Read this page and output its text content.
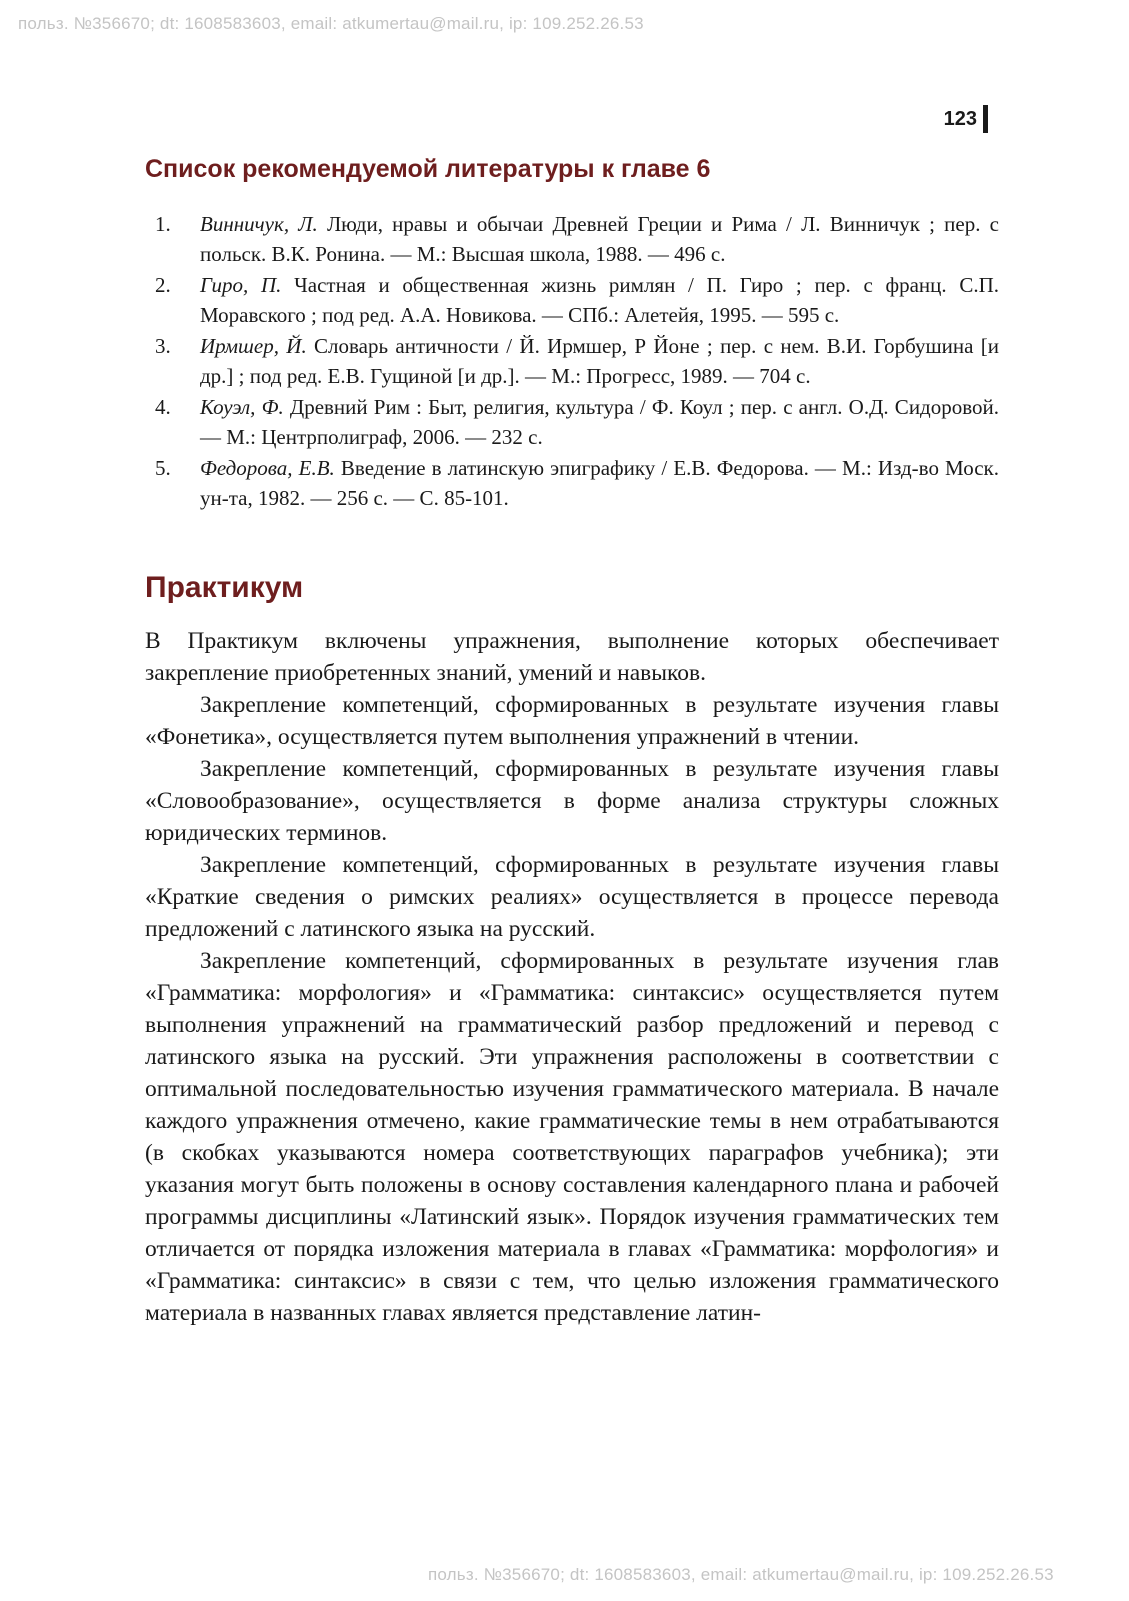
польз. №356670; dt: 1608583603, email: atkumertau@mail.ru, ip: 109.252.26.53
123
Список рекомендуемой литературы к главе 6
1. Винничук, Л. Люди, нравы и обычаи Древней Греции и Рима / Л. Винничук ; пер. с польск. В.К. Ронина. — М.: Высшая школа, 1988. — 496 с.
2. Гиро, П. Частная и общественная жизнь римлян / П. Гиро ; пер. с франц. С.П. Моравского ; под ред. А.А. Новикова. — СПб.: Алетейя, 1995. — 595 с.
3. Ирмшер, Й. Словарь античности / Й. Ирмшер, Р Йоне ; пер. с нем. В.И. Горбушина [и др.] ; под ред. Е.В. Гущиной [и др.]. — М.: Прогресс, 1989. — 704 с.
4. Коуэл, Ф. Древний Рим : Быт, религия, культура / Ф. Коул ; пер. с англ. О.Д. Сидоровой. — М.: Центрполиграф, 2006. — 232 с.
5. Федорова, Е.В. Введение в латинскую эпиграфику / Е.В. Федорова. — М.: Изд-во Моск. ун-та, 1982. — 256 с. — С. 85-101.
Практикум

В Практикум включены упражнения, выполнение которых обеспечивает закрепление приобретенных знаний, умений и навыков.

Закрепление компетенций, сформированных в результате изучения главы «Фонетика», осуществляется путем выполнения упражнений в чтении.

Закрепление компетенций, сформированных в результате изучения главы «Словообразование», осуществляется в форме анализа структуры сложных юридических терминов.

Закрепление компетенций, сформированных в результате изучения главы «Краткие сведения о римских реалиях» осуществляется в процессе перевода предложений с латинского языка на русский.

Закрепление компетенций, сформированных в результате изучения глав «Грамматика: морфология» и «Грамматика: синтаксис» осуществляется путем выполнения упражнений на грамматический разбор предложений и перевод с латинского языка на русский. Эти упражнения расположены в соответствии с оптимальной последовательностью изучения грамматического материала. В начале каждого упражнения отмечено, какие грамматические темы в нем отрабатываются (в скобках указываются номера соответствующих параграфов учебника); эти указания могут быть положены в основу составления календарного плана и рабочей программы дисциплины «Латинский язык». Порядок изучения грамматических тем отличается от порядка изложения материала в главах «Грамматика: морфология» и «Грамматика: синтаксис» в связи с тем, что целью изложения грамматического материала в названных главах является представление латин-

польз. №356670; dt: 1608583603, email: atkumertau@mail.ru, ip: 109.252.26.53
